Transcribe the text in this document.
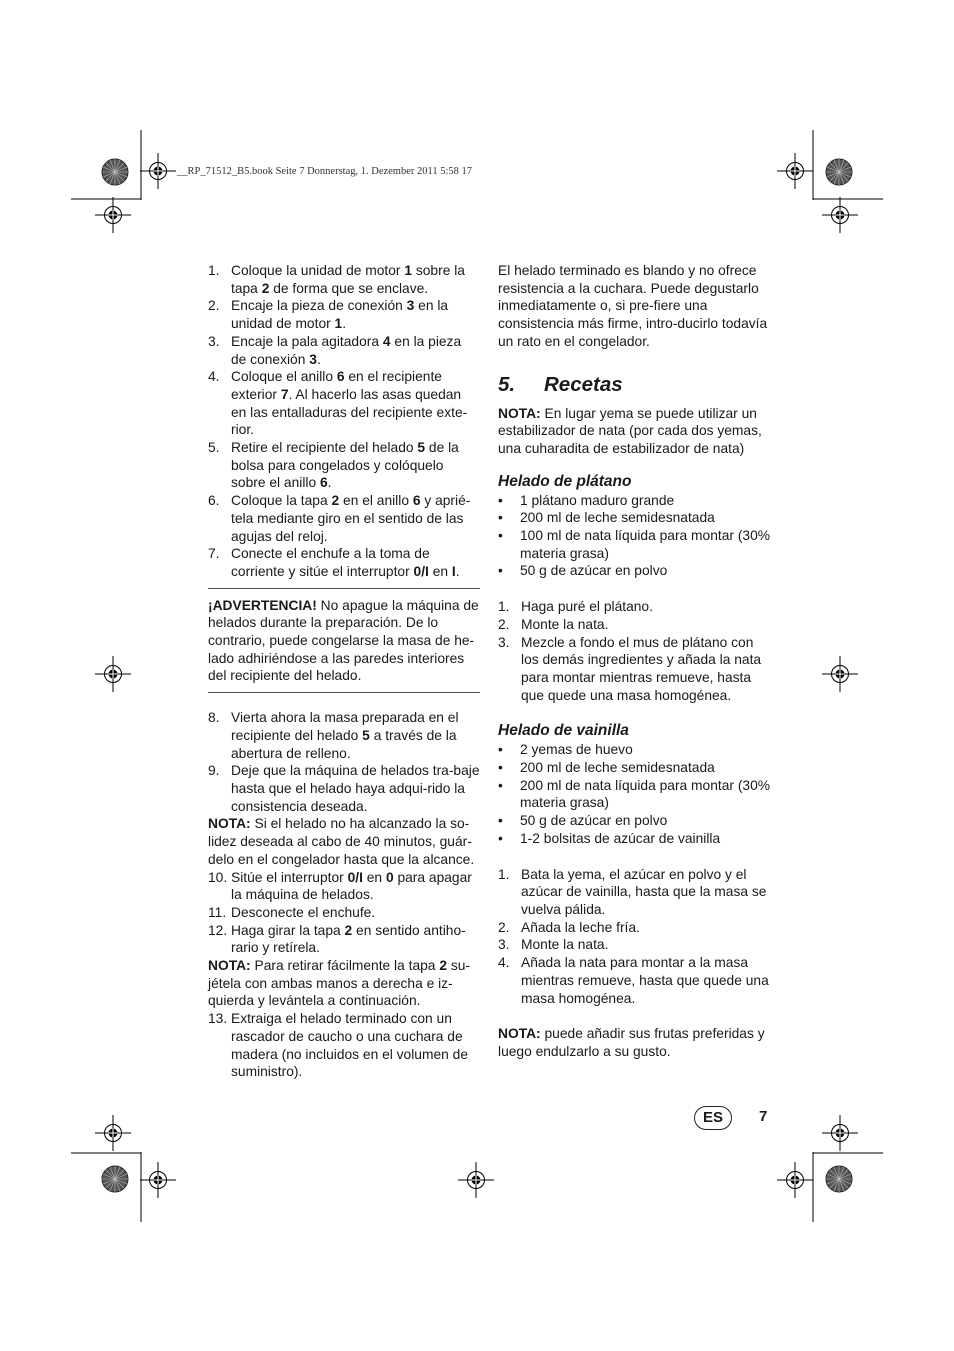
__RP_71512_B5.book Seite 7 Donnerstag, 1. Dezember 2011 5:58 17
1. Coloque la unidad de motor 1 sobre la tapa 2 de forma que se enclave.
2. Encaje la pieza de conexión 3 en la unidad de motor 1.
3. Encaje la pala agitadora 4 en la pieza de conexión 3.
4. Coloque el anillo 6 en el recipiente exterior 7. Al hacerlo las asas quedan en las entalladuras del recipiente exte-rior.
5. Retire el recipiente del helado 5 de la bolsa para congelados y colóquelo sobre el anillo 6.
6. Coloque la tapa 2 en el anillo 6 y aprié-tela mediante giro en el sentido de las agujas del reloj.
7. Conecte el enchufe a la toma de corriente y sitúe el interruptor 0/I en I.

¡ADVERTENCIA! No apague la máquina de helados durante la preparación. De lo contrario, puede congelarse la masa de he-lado adhiriéndose a las paredes interiores del recipiente del helado.

8. Vierta ahora la masa preparada en el recipiente del helado 5 a través de la abertura de relleno.
9. Deje que la máquina de helados tra-baje hasta que el helado haya adqui-rido la consistencia deseada.

NOTA: Si el helado no ha alcanzado la so-lidez deseada al cabo de 40 minutos, guár-delo en el congelador hasta que la alcance.

10. Sitúe el interruptor 0/I en 0 para apagar la máquina de helados.
11. Desconecte el enchufe.
12. Haga girar la tapa 2 en sentido antiho-rario y retírela.

NOTA: Para retirar fácilmente la tapa 2 su-jétela con ambas manos a derecha e iz-quierda y levántela a continuación.

13. Extraiga el helado terminado con un rascador de caucho o una cuchara de madera (no incluidos en el volumen de suministro).

El helado terminado es blando y no ofrece resistencia a la cuchara. Puede degustarlo inmediatamente o, si pre-fiere una consistencia más firme, intro-ducirlo todavía un rato en el congelador.

5.	Recetas

NOTA: En lugar yema se puede utilizar un estabilizador de nata (por cada dos yemas, una cuharadita de estabilizador de nata)

Helado de plátano
• 1 plátano maduro grande
• 200 ml de leche semidesnatada
• 100 ml de nata líquida para montar (30% materia grasa)
• 50 g de azúcar en polvo
1. Haga puré el plátano.
2. Monte la nata.
3. Mezcle a fondo el mus de plátano con los demás ingredientes y añada la nata para montar mientras remueve, hasta que quede una masa homogénea.
Helado de vainilla
• 2 yemas de huevo
• 200 ml de leche semidesnatada
• 200 ml de nata líquida para montar (30% materia grasa)
• 50 g de azúcar en polvo
• 1-2 bolsitas de azúcar de vainilla
1. Bata la yema, el azúcar en polvo y el azúcar de vainilla, hasta que la masa se vuelva pálida.
2. Añada la leche fría.
3. Monte la nata.
4. Añada la nata para montar a la masa mientras remueve, hasta que quede una masa homogénea.

NOTA: puede añadir sus frutas preferidas y luego endulzarlo a su gusto.

ES	7
